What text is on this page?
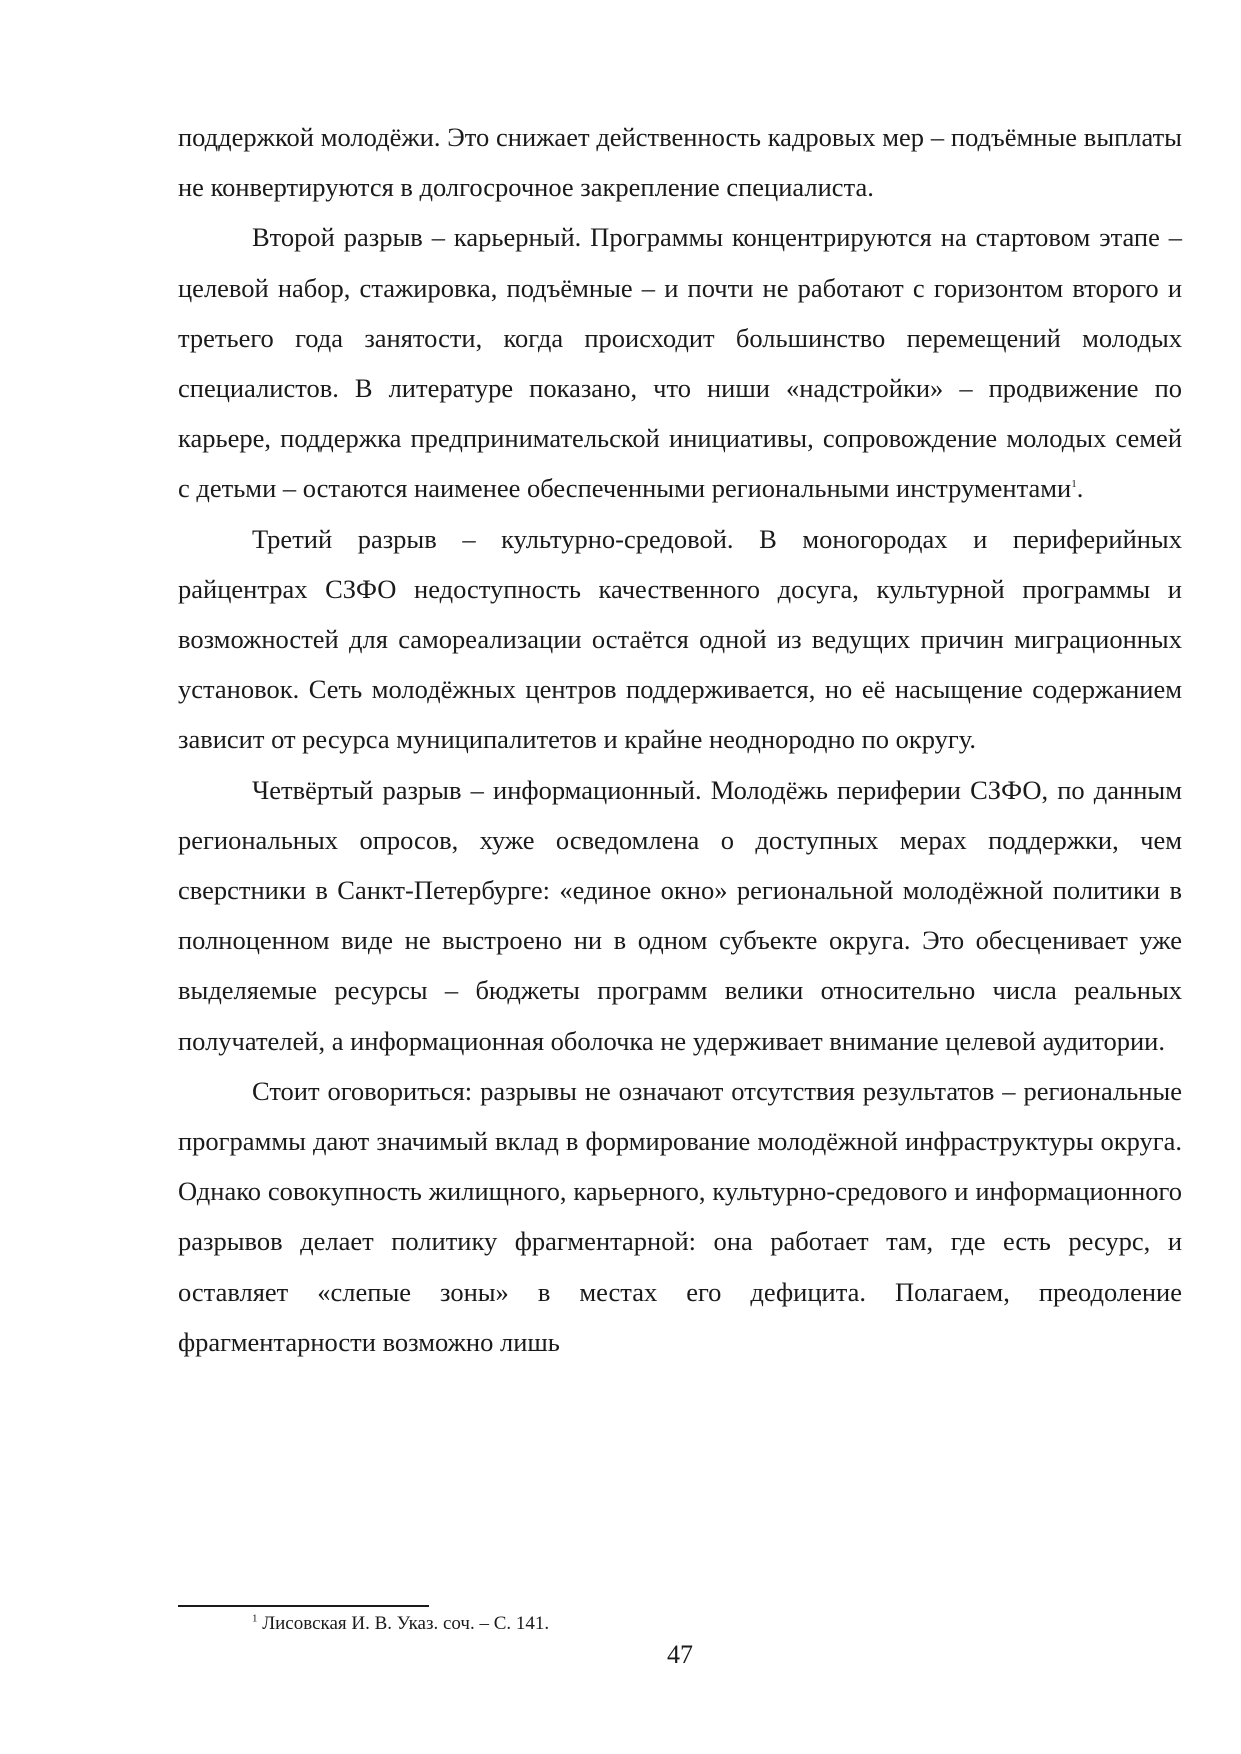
поддержкой молодёжи. Это снижает действенность кадровых мер – подъёмные выплаты не конвертируются в долгосрочное закрепление специалиста.

Второй разрыв – карьерный. Программы концентрируются на стартовом этапе – целевой набор, стажировка, подъёмные – и почти не работают с горизонтом второго и третьего года занятости, когда происходит большинство перемещений молодых специалистов. В литературе показано, что ниши «надстройки» – продвижение по карьере, поддержка предпринимательской инициативы, сопровождение молодых семей с детьми – остаются наименее обеспеченными региональными инструментами$^1$.

Третий разрыв – культурно-средовой. В моногородах и периферийных райцентрах СЗФО недоступность качественного досуга, культурной программы и возможностей для самореализации остаётся одной из ведущих причин миграционных установок. Сеть молодёжных центров поддерживается, но её насыщение содержанием зависит от ресурса муниципалитетов и крайне неоднородно по округу.

Четвёртый разрыв – информационный. Молодёжь периферии СЗФО, по данным региональных опросов, хуже осведомлена о доступных мерах поддержки, чем сверстники в Санкт-Петербурге: «единое окно» региональной молодёжной политики в полноценном виде не выстроено ни в одном субъекте округа. Это обесценивает уже выделяемые ресурсы – бюджеты программ велики относительно числа реальных получателей, а информационная оболочка не удерживает внимание целевой аудитории.

Стоит оговориться: разрывы не означают отсутствия результатов – региональные программы дают значимый вклад в формирование молодёжной инфраструктуры округа. Однако совокупность жилищного, карьерного, культурно-средового и информационного разрывов делает политику фрагментарной: она работает там, где есть ресурс, и оставляет «слепые зоны» в местах его дефицита. Полагаем, преодоление фрагментарности возможно лишь

$^1$ Лисовская И. В. Указ. соч. – С. 141.
47
